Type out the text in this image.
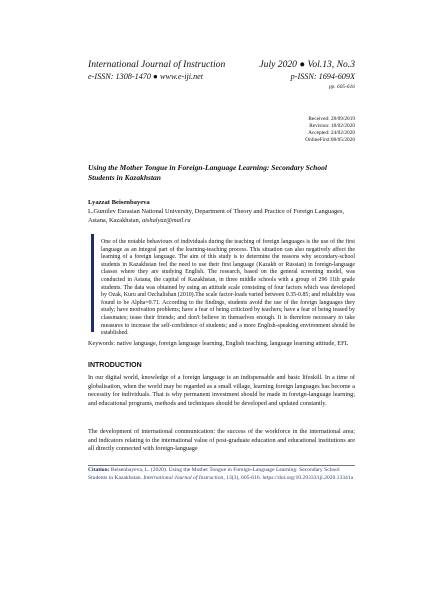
International Journal of Instruction	July 2020 ● Vol.13, No.3
e-ISSN: 1308-1470 ● www.e-iji.net	p-ISSN: 1694-609X
pp. 605-616
Received: 28/09/2019
Revision: 18/02/2020
Accepted: 24/02/2020
OnlineFirst:08/05/2020
Using the Mother Tongue in Foreign-Language Learning: Secondary School Students in Kazakhstan
Lyazzat Beisenbayeva
L.Gumilev Eurasian National University, Department of Theory and Practice of Foreign Languages, Astana, Kazakhstan, aishalyaz@mail.ru
One of the notable behaviours of individuals during the teaching of foreign languages is the use of the first language as an integral part of the learning-teaching process. This situation can also negatively affect the learning of a foreign language. The aim of this study is to determine the reasons why secondary-school students in Kazakhstan feel the need to use their first language (Kazakh or Russian) in foreign-language classes where they are studying English. The research, based on the general screening model, was conducted in Astana, the capital of Kazakhstan, in three middle schools with a group of 296 11th grade students. The data was obtained by using an attitude scale consisting of four factors which was developed by Ozak, Kuru and Ozchalishan (2010).The scale factor-loads varied between 0.35-0.85; and reliability was found to be Alpha=0.71. According to the findings, students avoid the use of the foreign languages they study; have motivation problems; have a fear of being criticized by teachers; have a fear of being teased by classmates; tease their friends; and don't believe in themselves enough. It is therefore necessary to take measures to increase the self-confidence of students; and a more English-speaking environment should be established.
Keywords: native language, foreign language learning, English teaching, language learning attitude, EFL
INTRODUCTION
In our digital world, knowledge of a foreign language is an indispensable and basic lifeskill. In a time of globalisation, when the world may be regarded as a small village, learning foreign languages has become a necessity for individuals. That is why permanent investment should be made in foreign-language learning; and educational programs, methods and techniques should be developed and updated constantly.
The development of international communication: the success of the workforce in the international area; and indicators relating to the international value of post-graduate education and educational institutions are all directly connected with foreign-language
Citation: Beisenbayeva, L. (2020). Using the Mother Tongue in Foreign-Language Learning: Secondary School Students in Kazakhstan. International Journal of Instruction, 13(3), 605-616. https://doi.org/10.29333/iji.2020.13341a
